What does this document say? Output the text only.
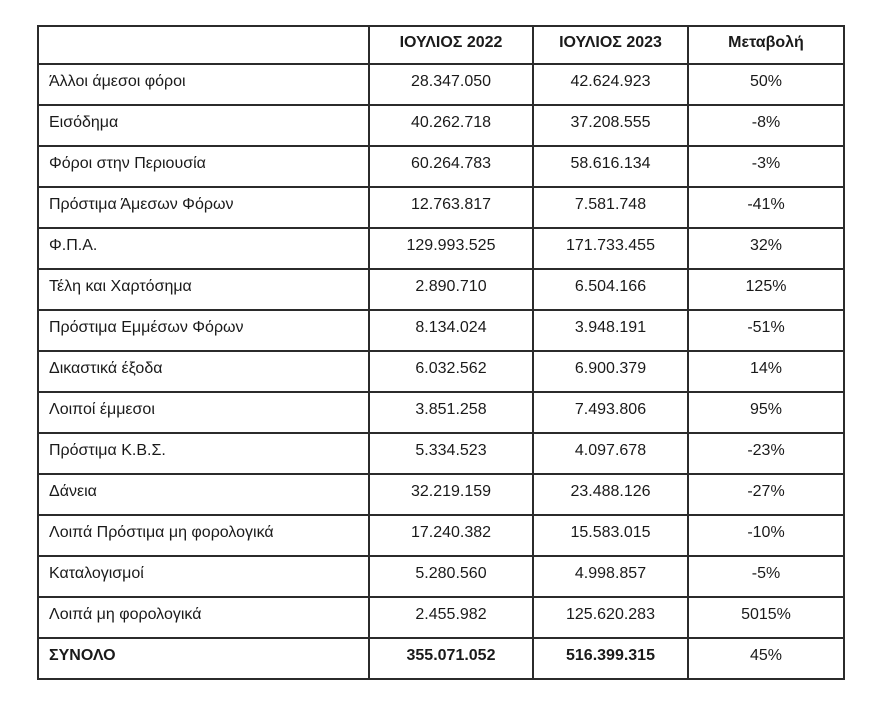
	ΙΟΥΛΙΟΣ 2022	ΙΟΥΛΙΟΣ 2023	Μεταβολή
Άλλοι άμεσοι φόροι	28.347.050	42.624.923	50%
Εισόδημα	40.262.718	37.208.555	-8%
Φόροι στην Περιουσία	60.264.783	58.616.134	-3%
Πρόστιμα Άμεσων Φόρων	12.763.817	7.581.748	-41%
Φ.Π.Α.	129.993.525	171.733.455	32%
Τέλη και Χαρτόσημα	2.890.710	6.504.166	125%
Πρόστιμα Εμμέσων Φόρων	8.134.024	3.948.191	-51%
Δικαστικά έξοδα	6.032.562	6.900.379	14%
Λοιποί έμμεσοι	3.851.258	7.493.806	95%
Πρόστιμα Κ.Β.Σ.	5.334.523	4.097.678	-23%
Δάνεια	32.219.159	23.488.126	-27%
Λοιπά Πρόστιμα μη φορολογικά	17.240.382	15.583.015	-10%
Καταλογισμοί	5.280.560	4.998.857	-5%
Λοιπά μη φορολογικά	2.455.982	125.620.283	5015%
ΣΥΝΟΛΟ	355.071.052	516.399.315	45%
